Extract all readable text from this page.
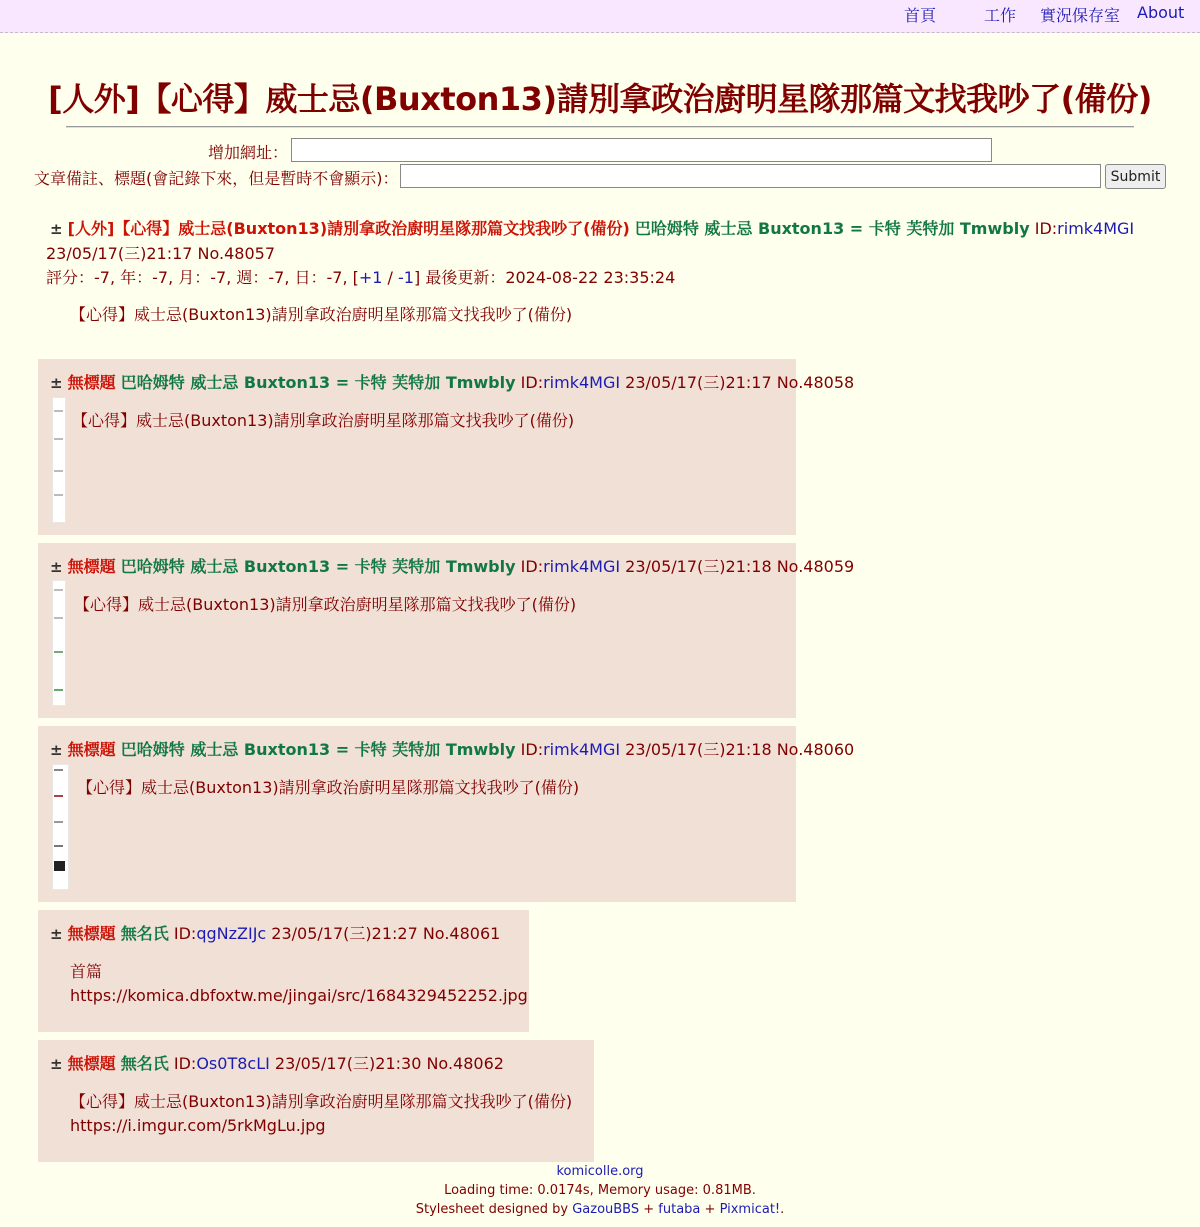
首頁	工作 實況保存室 About
[人外]【心得】威士忌(Buxton13)請別拿政治廚明星隊那篇文找我吵了(備份)
增加網址：
文章備註、標題(會記錄下來，但是暫時不會顯示)：	Submit
± [人外]【心得】威士忌(Buxton13)請別拿政治廚明星隊那篇文找我吵了(備份) 巴哈姆特 威士忌 Buxton13 = 卡特 芙特加 Tmwbly ID:rimk4MGI
23/05/17(三)21:17 No.48057
評分：-7, 年：-7, 月：-7, 週：-7, 日：-7, [+1 / -1] 最後更新：2024-08-22 23:35:24
【心得】威士忌(Buxton13)請別拿政治廚明星隊那篇文找我吵了(備份)
± 無標題 巴哈姆特 威士忌 Buxton13 = 卡特 芙特加 Tmwbly ID:rimk4MGI 23/05/17(三)21:17 No.48058
【心得】威士忌(Buxton13)請別拿政治廚明星隊那篇文找我吵了(備份)
± 無標題 巴哈姆特 威士忌 Buxton13 = 卡特 芙特加 Tmwbly ID:rimk4MGI 23/05/17(三)21:18 No.48059
【心得】威士忌(Buxton13)請別拿政治廚明星隊那篇文找我吵了(備份)
± 無標題 巴哈姆特 威士忌 Buxton13 = 卡特 芙特加 Tmwbly ID:rimk4MGI 23/05/17(三)21:18 No.48060
【心得】威士忌(Buxton13)請別拿政治廚明星隊那篇文找我吵了(備份)
± 無標題 無名氏 ID:qgNzZIJc 23/05/17(三)21:27 No.48061
首篇
https://komica.dbfoxtw.me/jingai/src/1684329452252.jpg
± 無標題 無名氏 ID:Os0T8cLI 23/05/17(三)21:30 No.48062
【心得】威士忌(Buxton13)請別拿政治廚明星隊那篇文找我吵了(備份)
https://i.imgur.com/5rkMgLu.jpg
komicolle.org
Loading time: 0.0174s, Memory usage: 0.81MB.
Stylesheet designed by GazouBBS + futaba + Pixmicat!.
